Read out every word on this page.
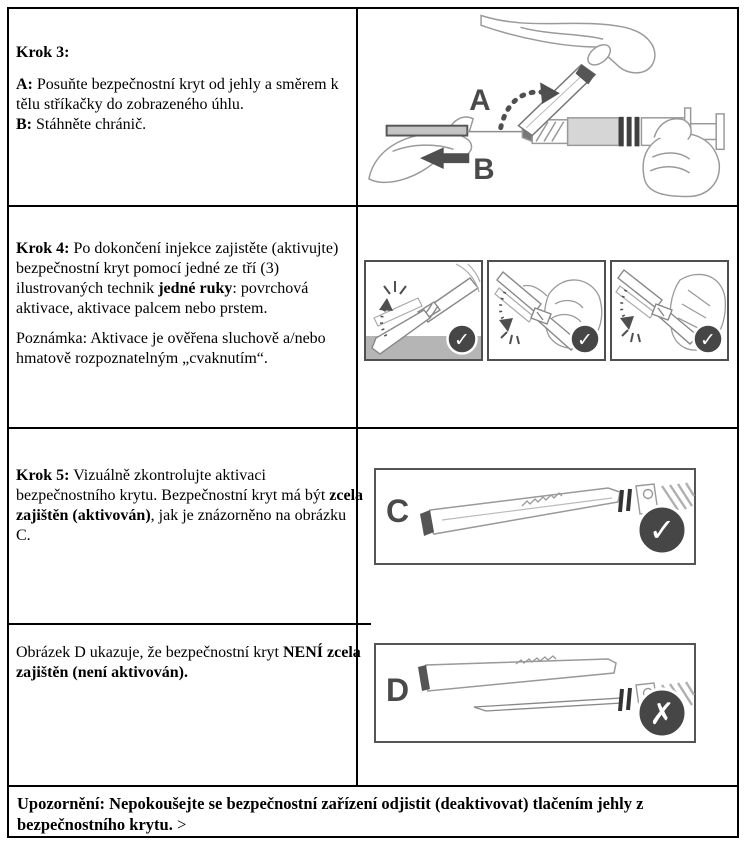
Krok 3:
A: Posuňte bezpečnostní kryt od jehly a směrem k tělu stříkačky do zobrazeného úhlu.
B: Stáhněte chránič.
A
B
Krok 4: Po dokončení injekce zajistěte (aktivujte) bezpečnostní kryt pomocí jedné ze tří (3) ilustrovaných technik jedné ruky: povrchová aktivace, aktivace palcem nebo prstem.
Poznámka: Aktivace je ověřena sluchově a/nebo hmatově rozpoznatelným „cvaknutím“.
✓	✓	✓
Krok 5: Vizuálně zkontrolujte aktivaci bezpečnostního krytu. Bezpečnostní kryt má být zcela zajištěn (aktivován), jak je znázorněno na obrázku C.
Obrázek D ukazuje, že bezpečnostní kryt NENÍ zcela zajištěn (není aktivován).
C	✓
D
✗
Upozornění: Nepokoušejte se bezpečnostní zařízení odjistit (deaktivovat) tlačením jehly z bezpečnostního krytu. >
